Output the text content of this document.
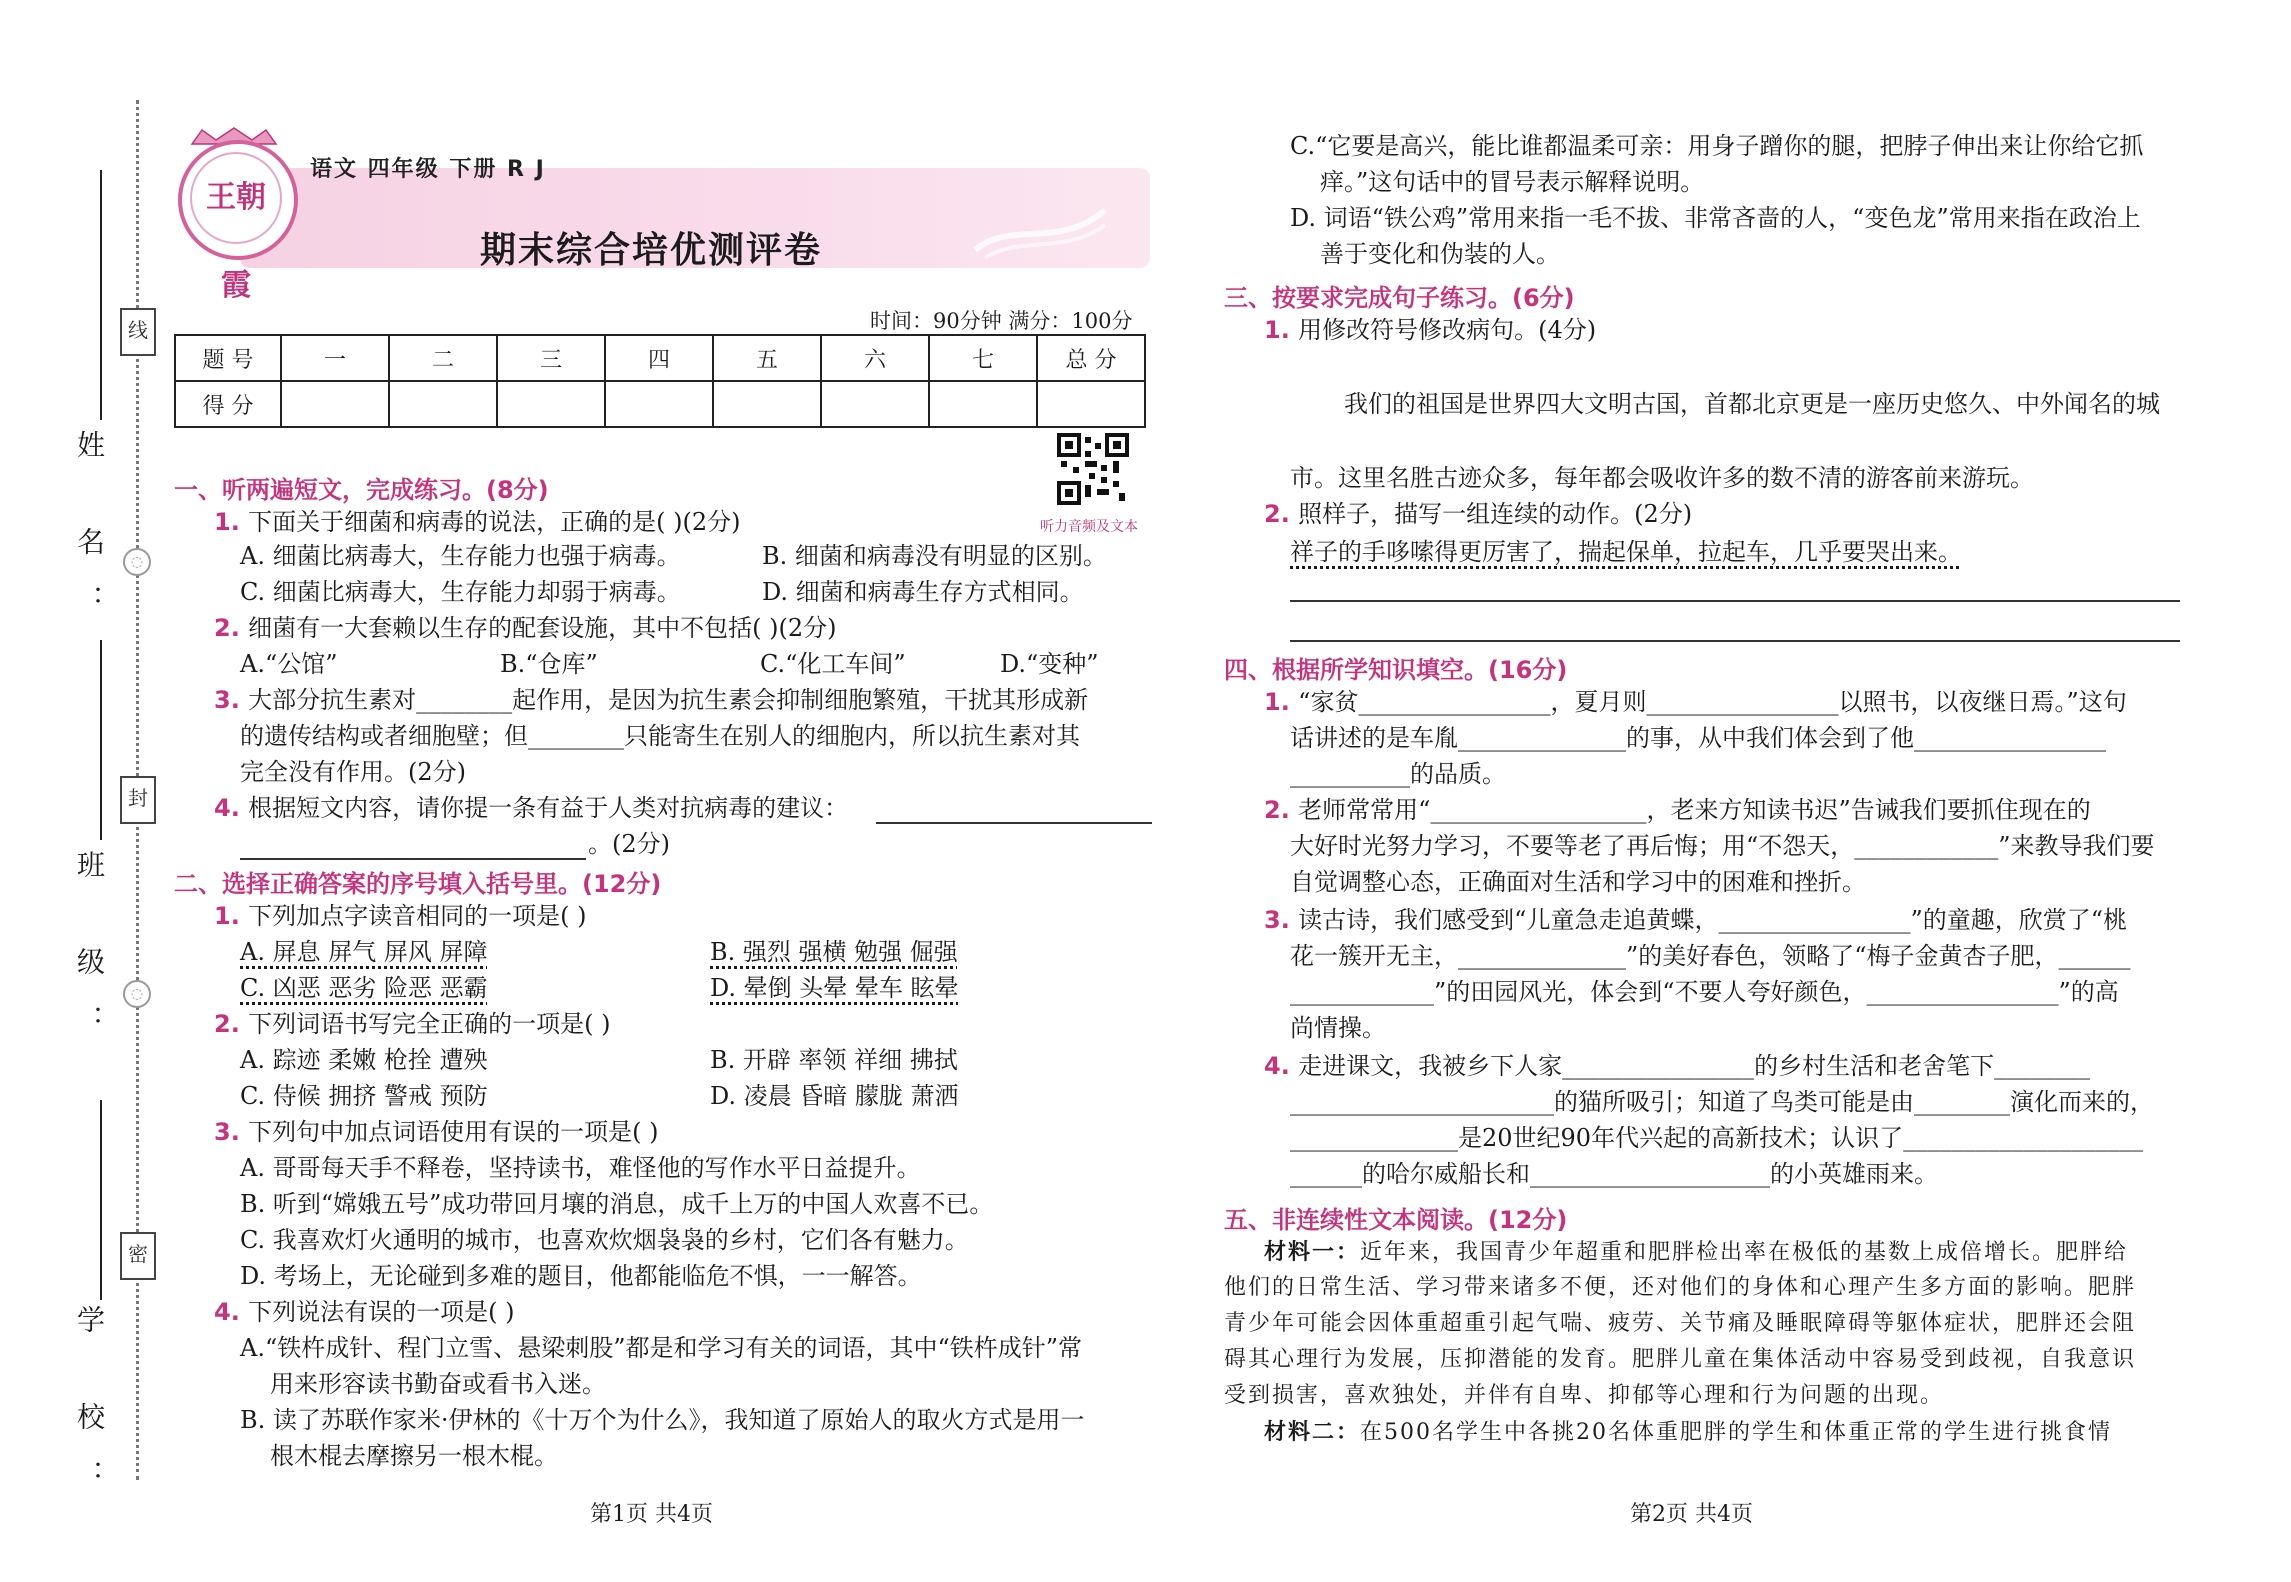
姓 名：
班 级：
学 校：
线
封
密
◌
◌
王朝霞
语文 四年级 下册 R J
期末综合培优测评卷
时间：90分钟 满分：100分
题 号	一	二	三	四	五	六	七	总 分
得 分								
听力音频及文本
一、听两遍短文，完成练习。(8分)
1. 下面关于细菌和病毒的说法，正确的是( )(2分)
A. 细菌比病毒大，生存能力也强于病毒。	B. 细菌和病毒没有明显的区别。
C. 细菌比病毒大，生存能力却弱于病毒。	D. 细菌和病毒生存方式相同。
2. 细菌有一大套赖以生存的配套设施，其中不包括( )(2分)
A.“公馆”	B.“仓库”	C.“化工车间”	D.“变种”
3. 大部分抗生素对________起作用，是因为抗生素会抑制细胞繁殖，干扰其形成新
的遗传结构或者细胞壁；但________只能寄生在别人的细胞内，所以抗生素对其
完全没有作用。(2分)
4. 根据短文内容，请你提一条有益于人类对抗病毒的建议：
。(2分)
二、选择正确答案的序号填入括号里。(12分)
1. 下列加点字读音相同的一项是( )
A. 屏息 屏气 屏风 屏障	B. 强烈 强横 勉强 倔强
C. 凶恶 恶劣 险恶 恶霸	D. 晕倒 头晕 晕车 眩晕
2. 下列词语书写完全正确的一项是( )
A. 踪迹 柔嫩 枪拴 遭殃	B. 开辟 率领 祥细 拂拭
C. 侍候 拥挤 警戒 预防	D. 凌晨 昏暗 朦胧 萧洒
3. 下列句中加点词语使用有误的一项是( )
A. 哥哥每天手不释卷，坚持读书，难怪他的写作水平日益提升。
B. 听到“嫦娥五号”成功带回月壤的消息，成千上万的中国人欢喜不已。
C. 我喜欢灯火通明的城市，也喜欢炊烟袅袅的乡村，它们各有魅力。
D. 考场上，无论碰到多难的题目，他都能临危不惧，一一解答。
4. 下列说法有误的一项是( )
A.“铁杵成针、程门立雪、悬梁刺股”都是和学习有关的词语，其中“铁杵成针”常
用来形容读书勤奋或看书入迷。
B. 读了苏联作家米·伊林的《十万个为什么》，我知道了原始人的取火方式是用一
根木棍去摩擦另一根木棍。
C.“它要是高兴，能比谁都温柔可亲：用身子蹭你的腿，把脖子伸出来让你给它抓
痒。”这句话中的冒号表示解释说明。
D. 词语“铁公鸡”常用来指一毛不拔、非常吝啬的人，“变色龙”常用来指在政治上
善于变化和伪装的人。
三、按要求完成句子练习。(6分)
1. 用修改符号修改病句。(4分)
我们的祖国是世界四大文明古国，首都北京更是一座历史悠久、中外闻名的城
市。这里名胜古迹众多，每年都会吸收许多的数不清的游客前来游玩。
2. 照样子，描写一组连续的动作。(2分)
祥子的手哆嗦得更厉害了，揣起保单，拉起车，几乎要哭出来。
四、根据所学知识填空。(16分)
1. “家贫________________，夏月则________________以照书，以夜继日焉。”这句
话讲述的是车胤______________的事，从中我们体会到了他________________
__________的品质。
2. 老师常常用“__________________，老来方知读书迟”告诫我们要抓住现在的
大好时光努力学习，不要等老了再后悔；用“不怨天，____________”来教导我们要
自觉调整心态，正确面对生活和学习中的困难和挫折。
3. 读古诗，我们感受到“儿童急走追黄蝶，________________”的童趣，欣赏了“桃
花一簇开无主，______________”的美好春色，领略了“梅子金黄杏子肥，______
____________”的田园风光，体会到“不要人夸好颜色，________________”的高
尚情操。
4. 走进课文，我被乡下人家________________的乡村生活和老舍笔下________
______________________的猫所吸引；知道了鸟类可能是由________演化而来的，
______________是20世纪90年代兴起的高新技术；认识了____________________
______的哈尔威船长和____________________的小英雄雨来。
五、非连续性文本阅读。(12分)
材料一：近年来，我国青少年超重和肥胖检出率在极低的基数上成倍增长。肥胖给
他们的日常生活、学习带来诸多不便，还对他们的身体和心理产生多方面的影响。肥胖
青少年可能会因体重超重引起气喘、疲劳、关节痛及睡眠障碍等躯体症状，肥胖还会阻
碍其心理行为发展，压抑潜能的发育。肥胖儿童在集体活动中容易受到歧视，自我意识
受到损害，喜欢独处，并伴有自卑、抑郁等心理和行为问题的出现。
材料二：在500名学生中各挑20名体重肥胖的学生和体重正常的学生进行挑食情
第1页 共4页	第2页 共4页
